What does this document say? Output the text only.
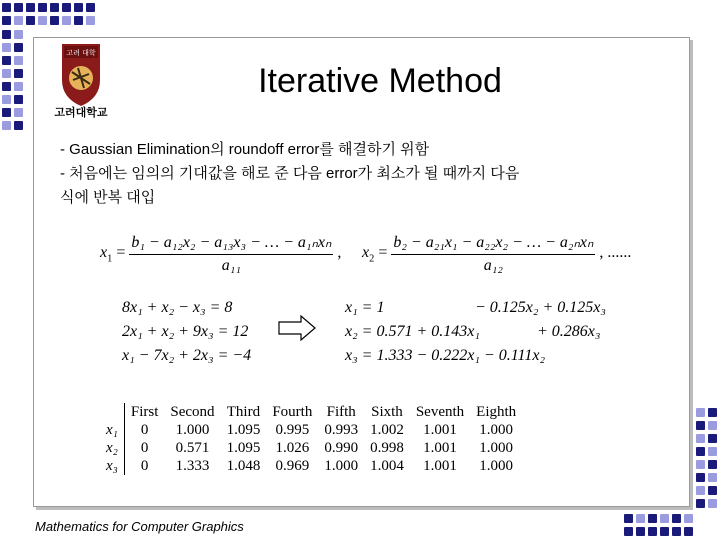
고려 대학
고려대학교
Iterative Method
- Gaussian Elimination의 roundoff error를 해결하기 위함
- 처음에는 임의의 기대값을 해로 준 다음 error가 최소가 될 때까지 다음
식에 반복 대입
$x_1 = \frac{\text{b₁ − a₁₂x₂ − a₁₃x₃ − … − a₁ₙxₙ}}{\text{a₁₁}}$ , $x_2 = \frac{\text{b₂ − a₂₁x₁ − a₂₂x₂ − … − a₂ₙxₙ}}{\text{a₁₂}}$ , ......
8x₁ + x₂ − x₃ = 8
2x₁ + x₂ + 9x₃ = 12
x₁ − 7x₂ + 2x₃ = −4
x₁ = 1	− 0.125x₂ + 0.125x₃
x₂ = 0.571 + 0.143x₁	+ 0.286x₃
x₃ = 1.333 − 0.222x₁ − 0.111x₂
		First	Second	Third	Fourth	Fifth	Sixth	Seventh	Eighth
x₁		0	1.000	1.095	0.995	0.993	1.002	1.001	1.000
x₂		0	0.571	1.095	1.026	0.990	0.998	1.001	1.000
x₃		0	1.333	1.048	0.969	1.000	1.004	1.001	1.000
Mathematics for Computer Graphics
